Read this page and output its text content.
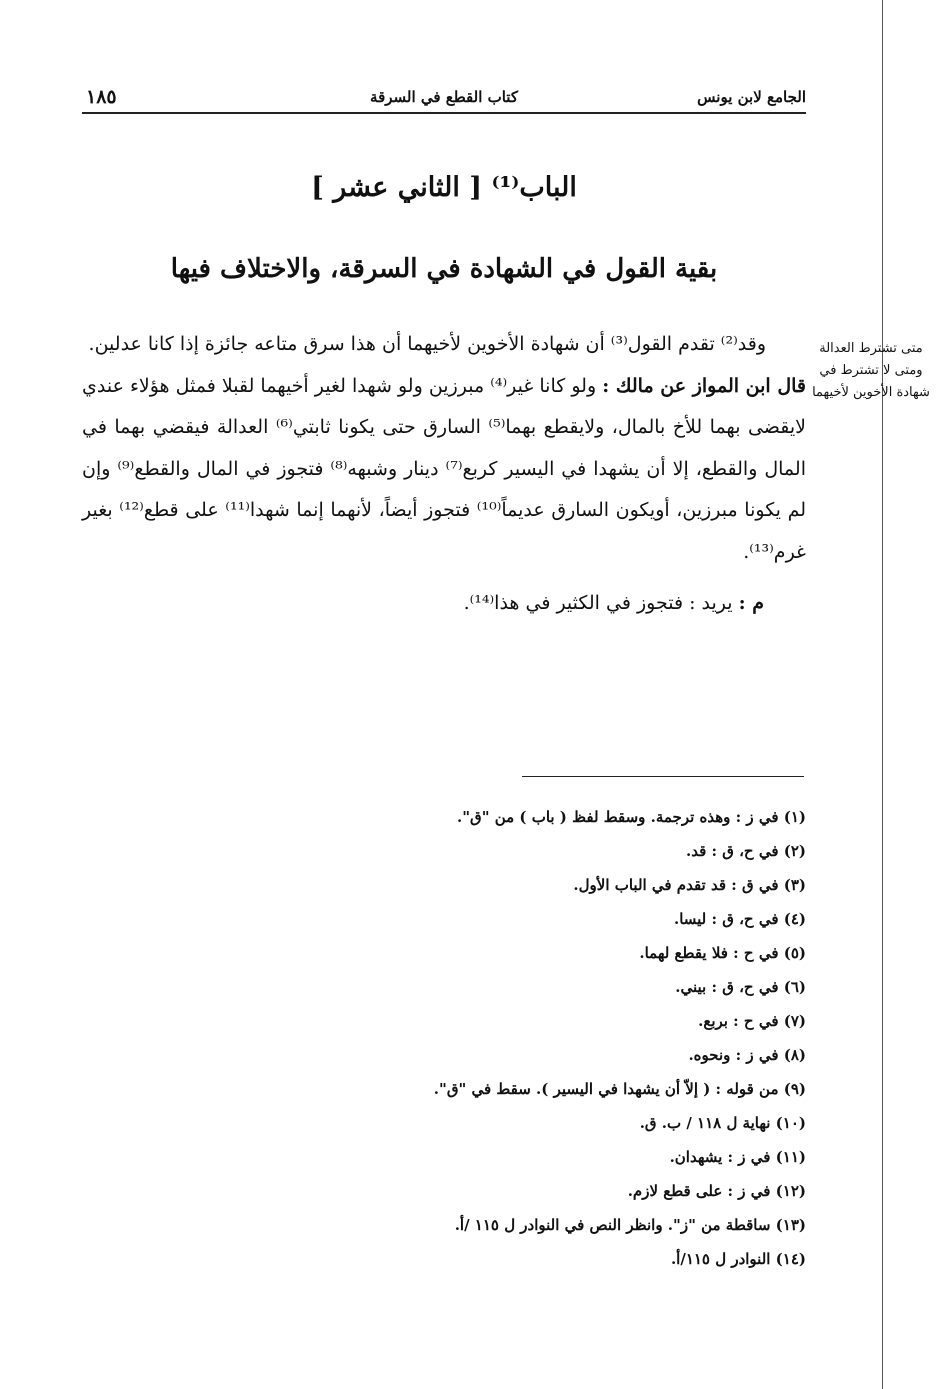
الجامع لابن يونس
كتاب القطع في السرقة
١٨٥
الباب⁽¹⁾ [ الثاني عشر ]
بقية القول في الشهادة في السرقة، والاختلاف فيها

وقد⁽²⁾ تقدم القول⁽³⁾ أن شهادة الأخوين لأخيهما أن هذا سرق متاعه جائزة إذا كانا عدلين.

قال ابن المواز عن مالك : ولو كانا غير⁽⁴⁾ مبرزين ولو شهدا لغير أخيهما لقبلا فمثل هؤلاء عندي لايقضى بهما للأخ بالمال، ولايقطع بهما⁽⁵⁾ السارق حتى يكونا ثابتي⁽⁶⁾ العدالة فيقضي بهما في المال والقطع، إلا أن يشهدا في اليسير كربع⁽⁷⁾ دينار وشبهه⁽⁸⁾ فتجوز في المال والقطع⁽⁹⁾ وإن لم يكونا مبرزين، أويكون السارق عديماً⁽¹⁰⁾ فتجوز أيضاً، لأنهما إنما شهدا⁽¹¹⁾ على قطع⁽¹²⁾ بغير غرم⁽¹³⁾.

م : يريد : فتجوز في الكثير في هذا⁽¹⁴⁾.

متى تشترط العدالة ومتى لا تشترط في شهادة الأخوين لأخيهما
(١) في ز : وهذه ترجمة. وسقط لفظ ( باب ) من "ق".
(٢) في ح، ق : قد.
(٣) في ق : قد تقدم في الباب الأول.
(٤) في ح، ق : ليسا.
(٥) في ح : فلا يقطع لهما.
(٦) في ح، ق : بيني.
(٧) في ح : بربع.
(٨) في ز : ونحوه.
(٩) من قوله : ( إلاّ أن يشهدا في اليسير ). سقط في "ق".
(١٠) نهاية ل ١١٨ / ب. ق.
(١١) في ز : يشهدان.
(١٢) في ز : على قطع لازم.
(١٣) ساقطة من "ز". وانظر النص في النوادر ل ١١٥ /أ.
(١٤) النوادر ل ١١٥/أ.
